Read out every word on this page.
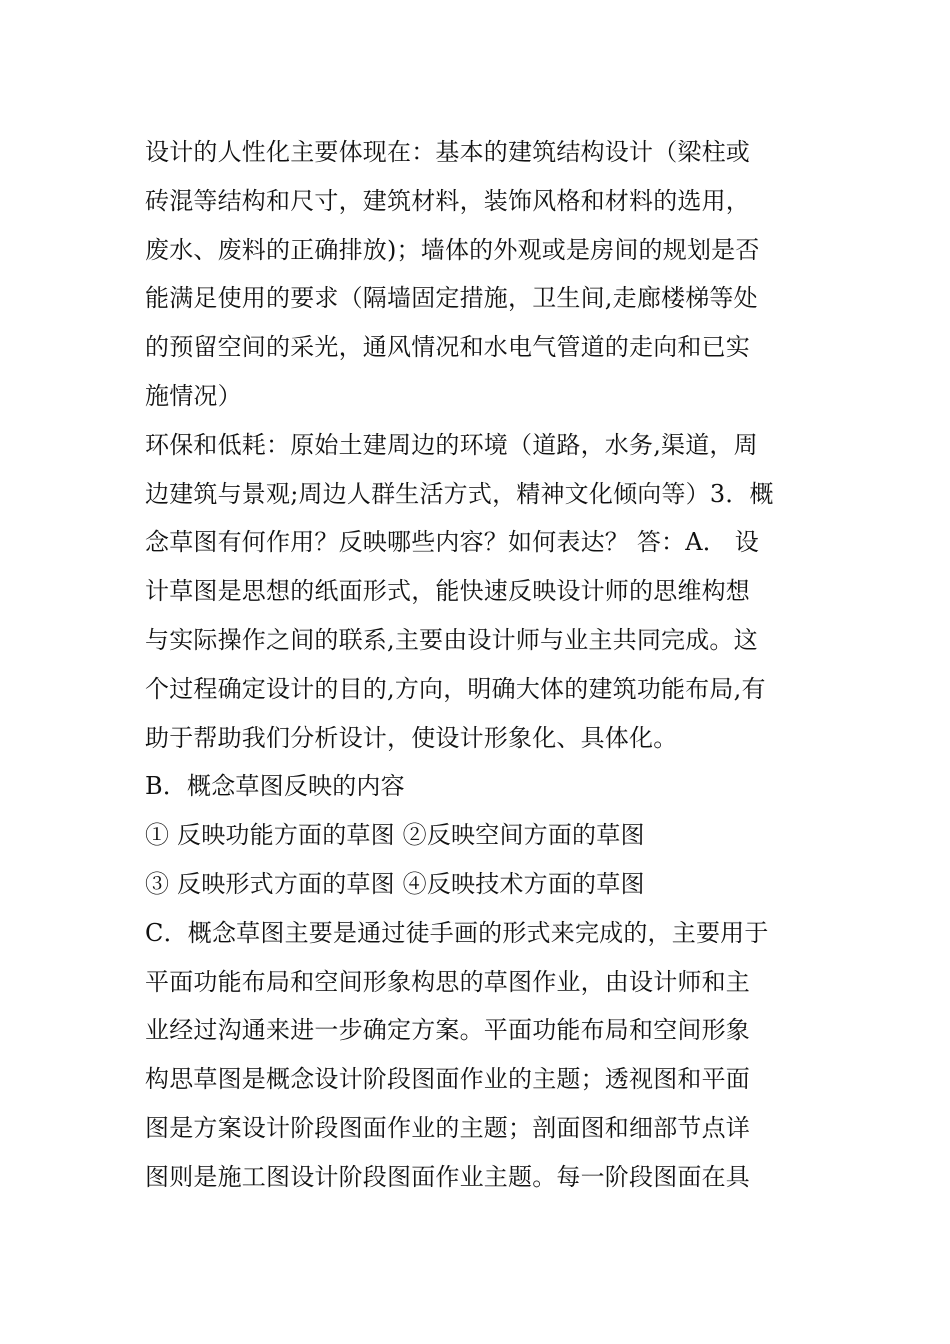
设计的人性化主要体现在：基本的建筑结构设计（梁柱或
砖混等结构和尺寸，建筑材料，装饰风格和材料的选用，
废水、废料的正确排放)；墙体的外观或是房间的规划是否
能满足使用的要求（隔墙固定措施，卫生间,走廊楼梯等处
的预留空间的采光，通风情况和水电气管道的走向和已实
施情况）
环保和低耗：原始土建周边的环境（道路，水务,渠道，周
边建筑与景观;周边人群生活方式，精神文化倾向等）3．概
念草图有何作用？反映哪些内容？如何表达？ 答：A． 设
计草图是思想的纸面形式，能快速反映设计师的思维构想
与实际操作之间的联系,主要由设计师与业主共同完成。这
个过程确定设计的目的,方向，明确大体的建筑功能布局,有
助于帮助我们分析设计，使设计形象化、具体化。
B．概念草图反映的内容
① 反映功能方面的草图 ②反映空间方面的草图
③ 反映形式方面的草图 ④反映技术方面的草图
C．概念草图主要是通过徒手画的形式来完成的，主要用于
平面功能布局和空间形象构思的草图作业，由设计师和主
业经过沟通来进一步确定方案。平面功能布局和空间形象
构思草图是概念设计阶段图面作业的主题；透视图和平面
图是方案设计阶段图面作业的主题；剖面图和细部节点详
图则是施工图设计阶段图面作业主题。每一阶段图面在具
